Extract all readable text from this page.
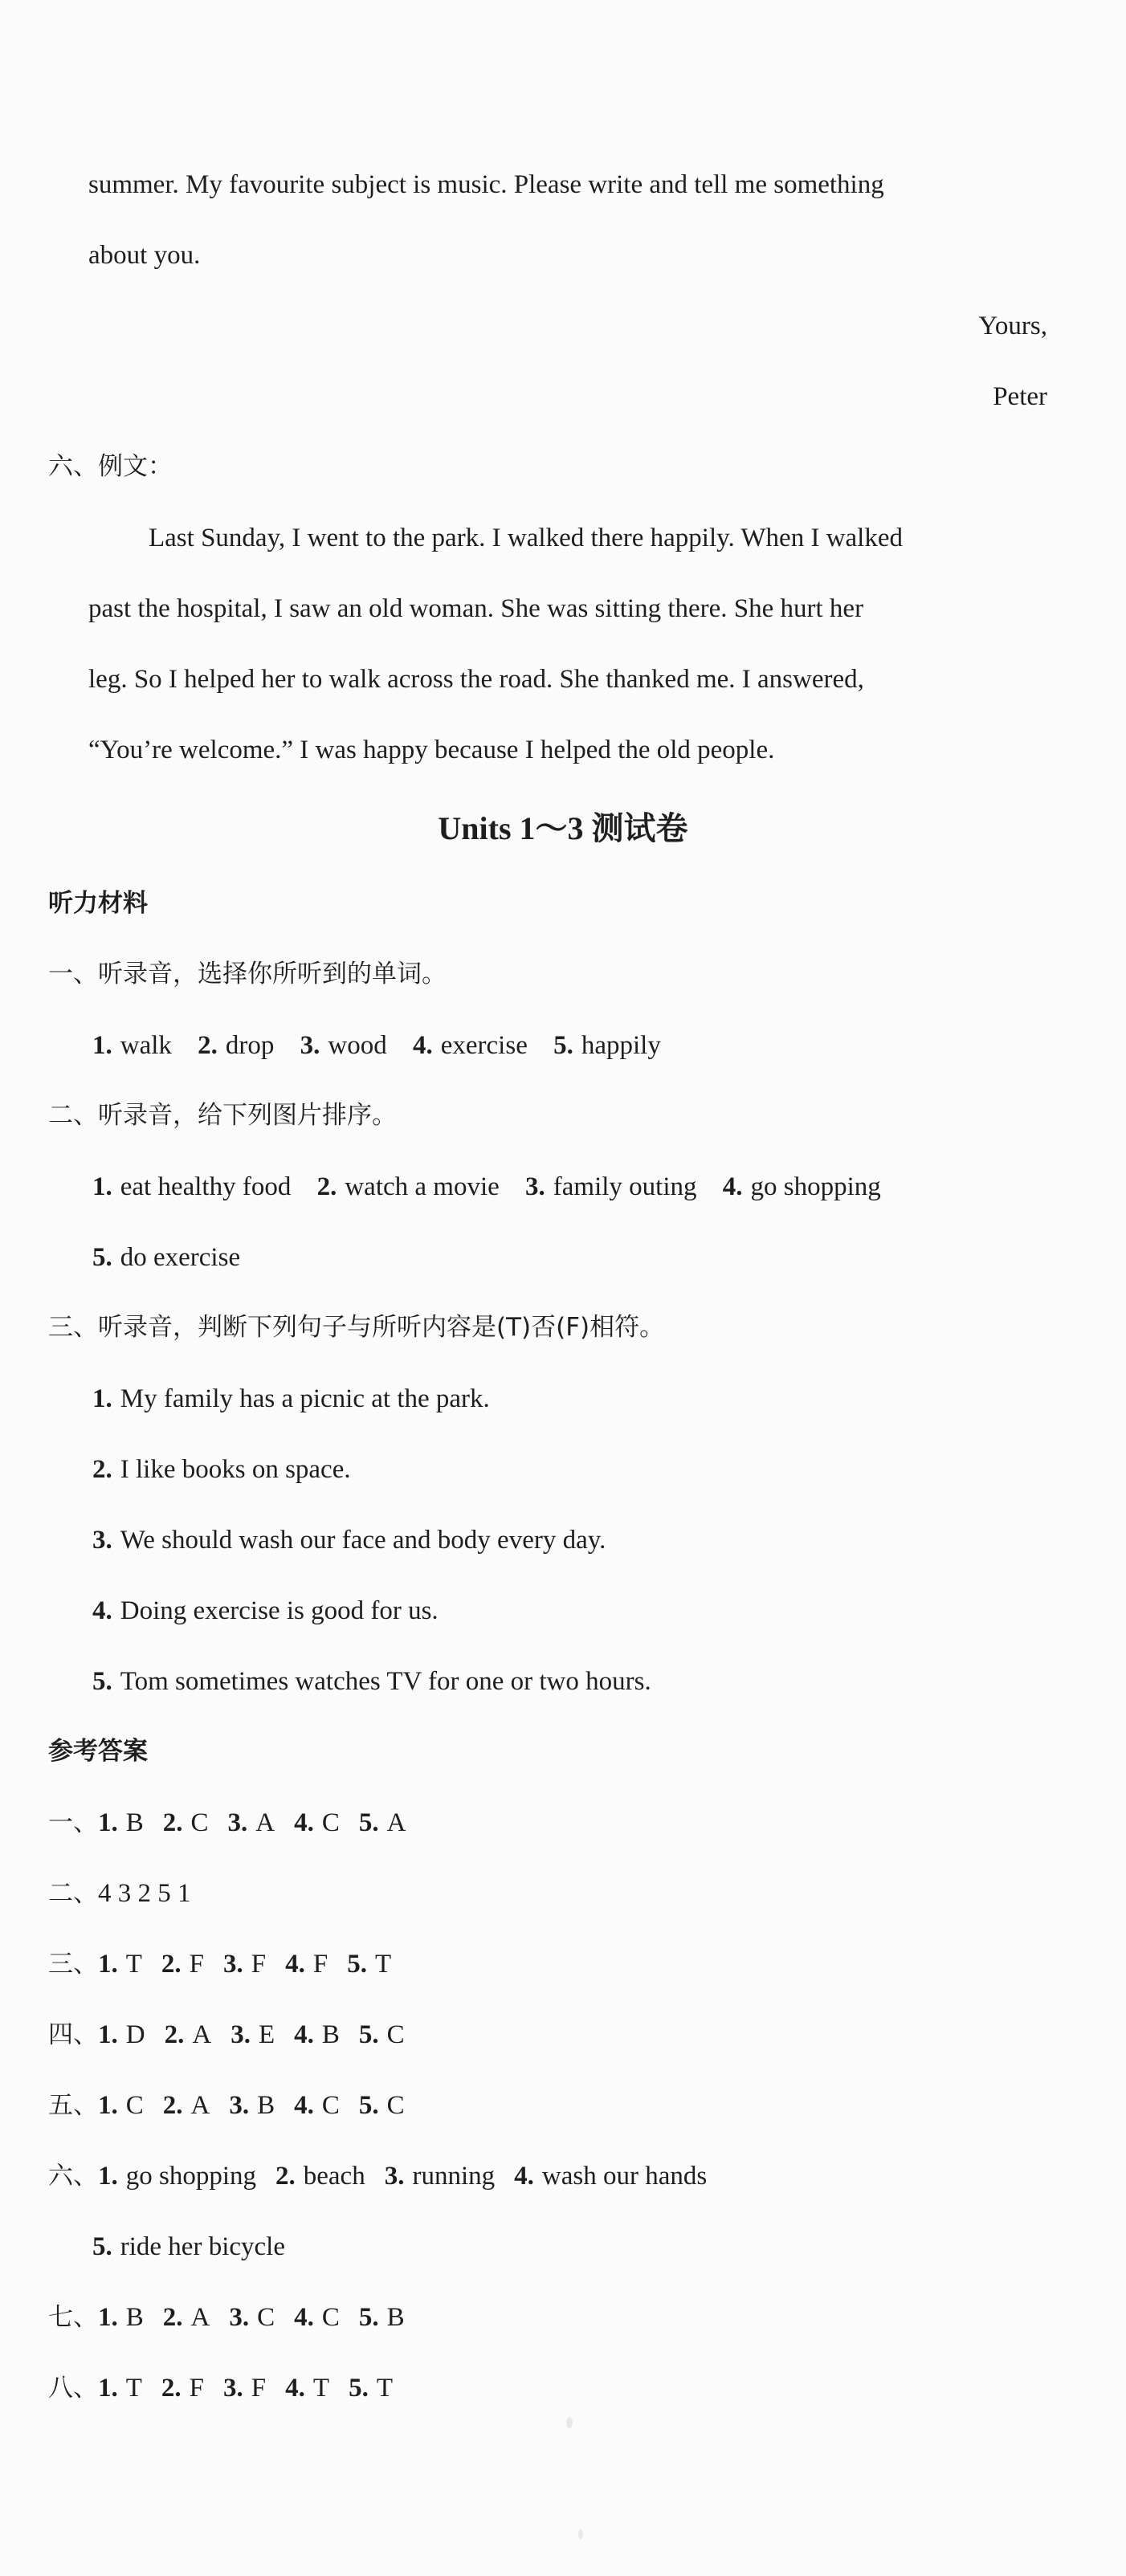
summer. My favourite subject is music. Please write and tell me something
about you.
Yours,
Peter
六、例文：
Last Sunday, I went to the park. I walked there happily. When I walked
past the hospital, I saw an old woman. She was sitting there. She hurt her
leg. So I helped her to walk across the road. She thanked me. I answered,
“You’re welcome.” I was happy because I helped the old people.
Units 1～3 测试卷
听力材料
一、听录音，选择你所听到的单词。
1. walk 2. drop 3. wood 4. exercise 5. happily
二、听录音，给下列图片排序。
1. eat healthy food 2. watch a movie 3. family outing 4. go shopping
5. do exercise
三、听录音，判断下列句子与所听内容是(T)否(F)相符。
1. My family has a picnic at the park.
2. I like books on space.
3. We should wash our face and body every day.
4. Doing exercise is good for us.
5. Tom sometimes watches TV for one or two hours.
参考答案
一、1. B 2. C 3. A 4. C 5. A
二、4 3 2 5 1
三、1. T 2. F 3. F 4. F 5. T
四、1. D 2. A 3. E 4. B 5. C
五、1. C 2. A 3. B 4. C 5. C
六、1. go shopping 2. beach 3. running 4. wash our hands
5. ride her bicycle
七、1. B 2. A 3. C 4. C 5. B
八、1. T 2. F 3. F 4. T 5. T
